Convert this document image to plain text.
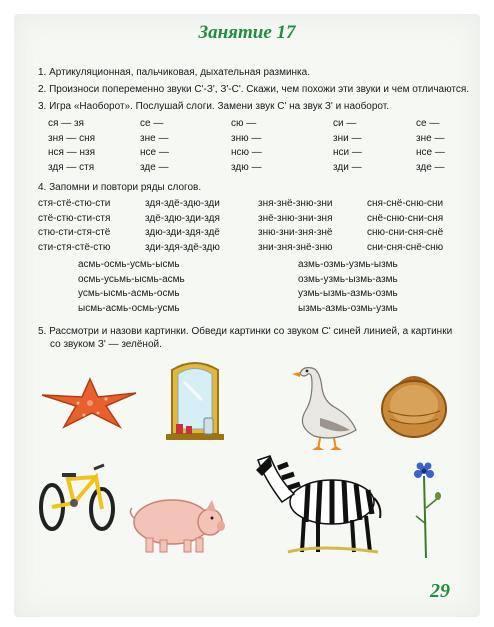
Занятие 17
1. Артикуляционная, пальчиковая, дыхательная разминка.
2. Произноси попеременно звуки С'-З', З'-С'. Скажи, чем похожи эти звуки и чем отличаются.
3. Игра «Наоборот». Послушай слоги. Замени звук С' на звук З' и наоборот.
ся — зя
зня — сня
нся — нзя
здя — стя
се —
зне —
нсе —
зде —
сю —
зню —
нсю —
здю —
си —
зни —
нси —
зди —
се —
зне —
нсе —
зде —
4. Запомни и повтори ряды слогов.
стя-стё-стю-сти
стё-стю-сти-стя
стю-сти-стя-стё
сти-стя-стё-стю
здя-здё-здю-зди
здё-здю-зди-здя
здю-зди-здя-здё
зди-здя-здё-здю
зня-знё-зню-зни
знё-зню-зни-зня
зню-зни-зня-знё
зни-зня-знё-зню
сня-снё-сню-сни
снё-сню-сни-сня
сню-сни-сня-снё
сни-сня-снё-сню
асмь-осмь-усмь-ысмь
осмь-усьмь-ысмь-асмь
усмь-ысмь-асмь-осмь
ысмь-асмь-осмь-усмь
азмь-озмь-узмь-ызмь
озмь-узмь-ызмь-азмь
узмь-ызмь-азмь-озмь
ызмь-азмь-озмь-узмь
5. Рассмотри и назови картинки. Обведи картинки со звуком С' синей линией, а картинки
со звуком З' — зелёной.
29
